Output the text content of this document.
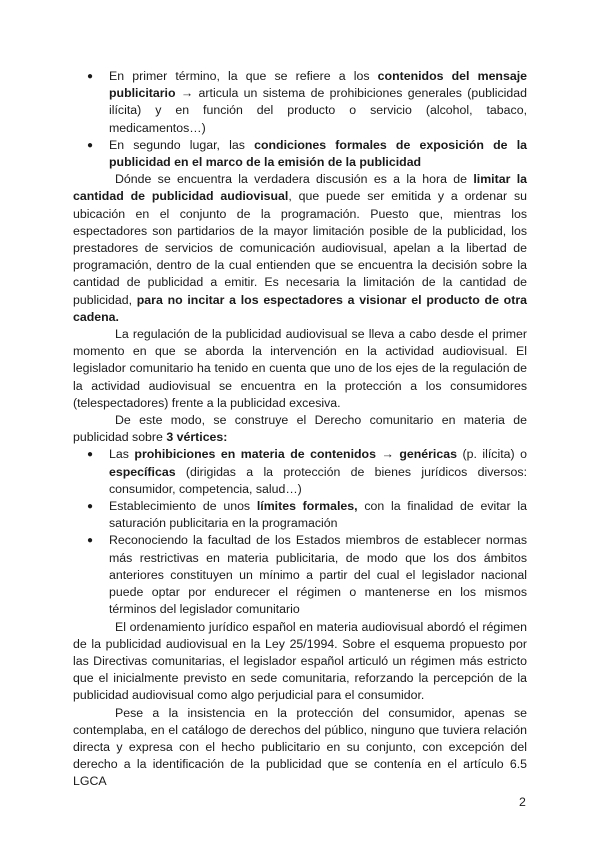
● En primer término, la que se refiere a los contenidos del mensaje publicitario → articula un sistema de prohibiciones generales (publicidad ilícita) y en función del producto o servicio (alcohol, tabaco, medicamentos…)
● En segundo lugar, las condiciones formales de exposición de la publicidad en el marco de la emisión de la publicidad

Dónde se encuentra la verdadera discusión es a la hora de limitar la cantidad de publicidad audiovisual, que puede ser emitida y a ordenar su ubicación en el conjunto de la programación. Puesto que, mientras los espectadores son partidarios de la mayor limitación posible de la publicidad, los prestadores de servicios de comunicación audiovisual, apelan a la libertad de programación, dentro de la cual entienden que se encuentra la decisión sobre la cantidad de publicidad a emitir. Es necesaria la limitación de la cantidad de publicidad, para no incitar a los espectadores a visionar el producto de otra cadena.

La regulación de la publicidad audiovisual se lleva a cabo desde el primer momento en que se aborda la intervención en la actividad audiovisual. El legislador comunitario ha tenido en cuenta que uno de los ejes de la regulación de la actividad audiovisual se encuentra en la protección a los consumidores (telespectadores) frente a la publicidad excesiva.

De este modo, se construye el Derecho comunitario en materia de publicidad sobre 3 vértices:

● Las prohibiciones en materia de contenidos → genéricas (p. ilícita) o específicas (dirigidas a la protección de bienes jurídicos diversos: consumidor, competencia, salud…)
● Establecimiento de unos límites formales, con la finalidad de evitar la saturación publicitaria en la programación
● Reconociendo la facultad de los Estados miembros de establecer normas más restrictivas en materia publicitaria, de modo que los dos ámbitos anteriores constituyen un mínimo a partir del cual el legislador nacional puede optar por endurecer el régimen o mantenerse en los mismos términos del legislador comunitario

El ordenamiento jurídico español en materia audiovisual abordó el régimen de la publicidad audiovisual en la Ley 25/1994. Sobre el esquema propuesto por las Directivas comunitarias, el legislador español articuló un régimen más estricto que el inicialmente previsto en sede comunitaria, reforzando la percepción de la publicidad audiovisual como algo perjudicial para el consumidor.

Pese a la insistencia en la protección del consumidor, apenas se contemplaba, en el catálogo de derechos del público, ninguno que tuviera relación directa y expresa con el hecho publicitario en su conjunto, con excepción del derecho a la identificación de la publicidad que se contenía en el artículo 6.5 LGCA

2
